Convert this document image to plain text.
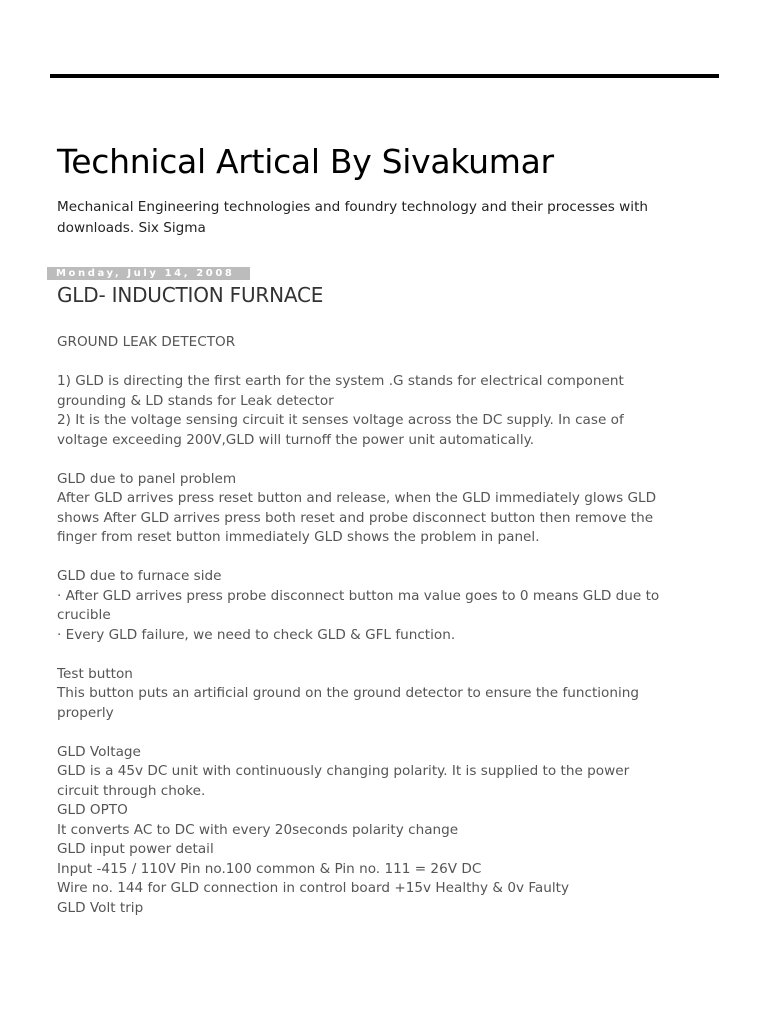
Technical Artical By Sivakumar

Mechanical Engineering technologies and foundry technology and their processes with
downloads. Six Sigma

Monday, July 14, 2008
GLD- INDUCTION FURNACE
GROUND LEAK DETECTOR
1) GLD is directing the first earth for the system .G stands for electrical component
grounding & LD stands for Leak detector
2) It is the voltage sensing circuit it senses voltage across the DC supply. In case of
voltage exceeding 200V,GLD will turnoff the power unit automatically.
GLD due to panel problem
After GLD arrives press reset button and release, when the GLD immediately glows GLD
shows After GLD arrives press both reset and probe disconnect button then remove the
finger from reset button immediately GLD shows the problem in panel.
GLD due to furnace side
· After GLD arrives press probe disconnect button ma value goes to 0 means GLD due to
crucible
· Every GLD failure, we need to check GLD & GFL function.
Test button
This button puts an artificial ground on the ground detector to ensure the functioning
properly
GLD Voltage
GLD is a 45v DC unit with continuously changing polarity. It is supplied to the power
circuit through choke.
GLD OPTO
It converts AC to DC with every 20seconds polarity change
GLD input power detail
Input -415 / 110V Pin no.100 common & Pin no. 111 = 26V DC
Wire no. 144 for GLD connection in control board +15v Healthy & 0v Faulty
GLD Volt trip
